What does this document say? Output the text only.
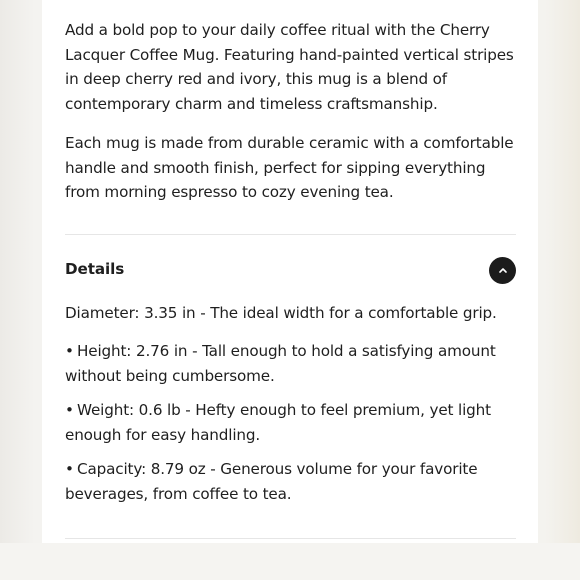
Add a bold pop to your daily coffee ritual with the Cherry Lacquer Coffee Mug. Featuring hand-painted vertical stripes in deep cherry red and ivory, this mug is a blend of contemporary charm and timeless craftsmanship.

Each mug is made from durable ceramic with a comfortable handle and smooth finish, perfect for sipping everything from morning espresso to cozy evening tea.

Details

Diameter: 3.35 in - The ideal width for a comfortable grip.

• Height: 2.76 in - Tall enough to hold a satisfying amount without being cumbersome.

• Weight: 0.6 lb - Hefty enough to feel premium, yet light enough for easy handling.

• Capacity: 8.79 oz - Generous volume for your favorite beverages, from coffee to tea.
